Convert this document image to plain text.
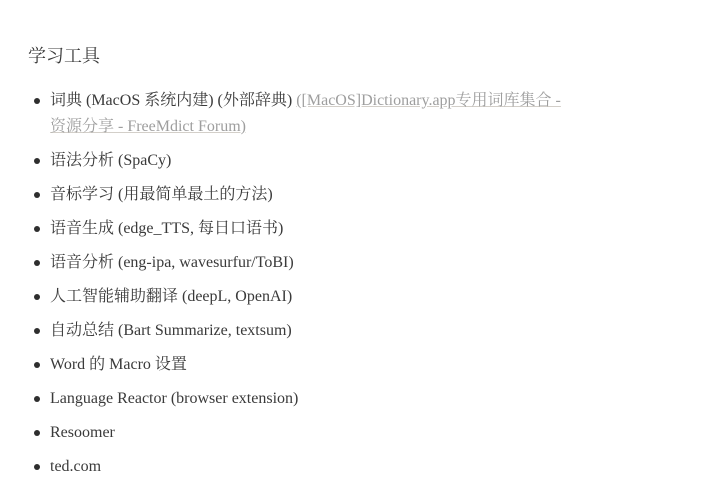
学习工具
词典 (MacOS 系统内建) (外部辞典) ([MacOS]Dictionary.app专用词库集合 -
资源分享 - FreeMdict Forum)
语法分析 (SpaCy)
音标学习 (用最简单最土的方法)
语音生成 (edge_TTS, 每日口语书)
语音分析 (eng-ipa, wavesurfur/ToBI)
人工智能辅助翻译 (deepL, OpenAI)
自动总结 (Bart Summarize, textsum)
Word 的 Macro 设置
Language Reactor (browser extension)
Resoomer
ted.com
